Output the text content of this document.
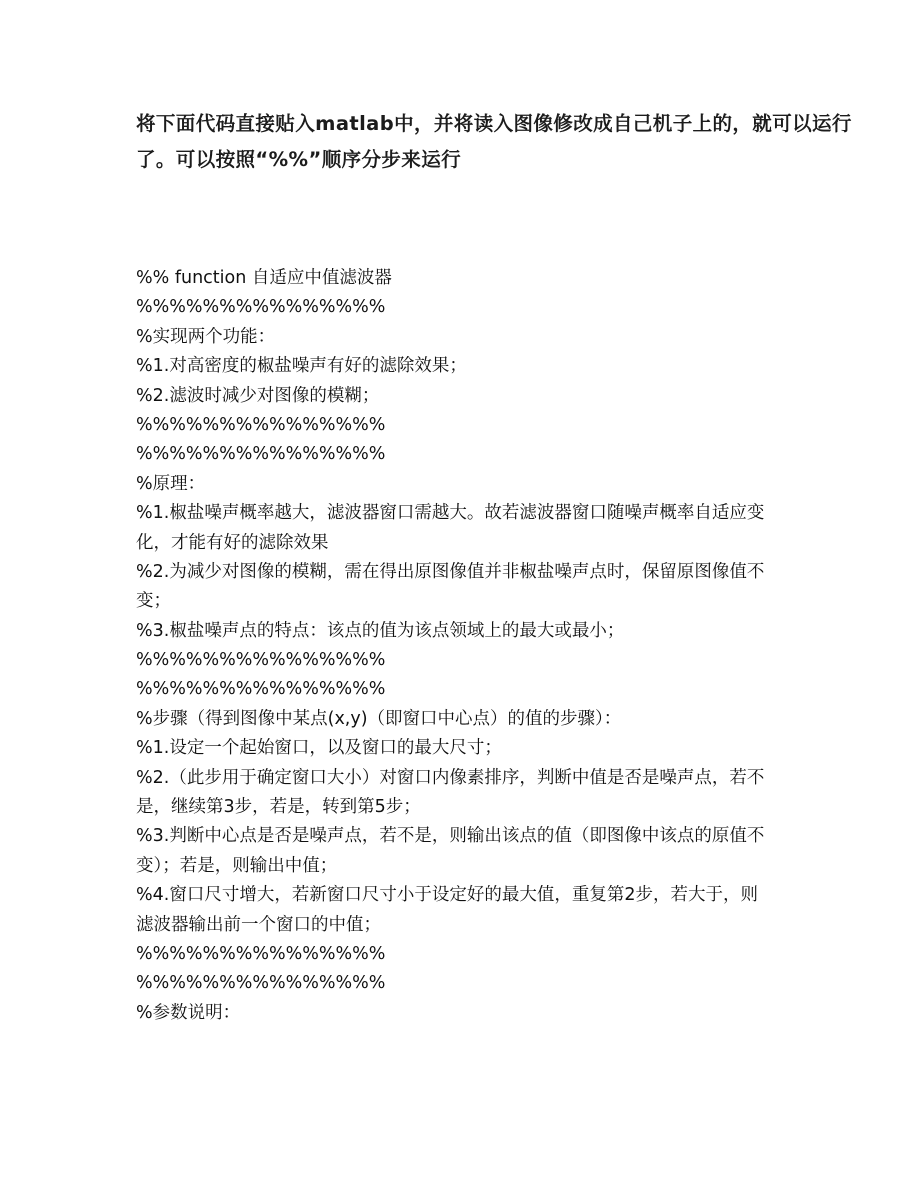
将下面代码直接贴入matlab中，并将读入图像修改成自己机子上的，就可以运行
了。可以按照“%%”顺序分步来运行
%% function 自适应中值滤波器
%%%%%%%%%%%%%%%
%实现两个功能：
%1.对高密度的椒盐噪声有好的滤除效果；
%2.滤波时减少对图像的模糊；
%%%%%%%%%%%%%%%
%%%%%%%%%%%%%%%
%原理：
%1.椒盐噪声概率越大，滤波器窗口需越大。故若滤波器窗口随噪声概率自适应变
化，才能有好的滤除效果
%2.为减少对图像的模糊，需在得出原图像值并非椒盐噪声点时，保留原图像值不
变；
%3.椒盐噪声点的特点：该点的值为该点领域上的最大或最小；
%%%%%%%%%%%%%%%
%%%%%%%%%%%%%%%
%步骤（得到图像中某点(x,y)（即窗口中心点）的值的步骤）：
%1.设定一个起始窗口，以及窗口的最大尺寸；
%2.（此步用于确定窗口大小）对窗口内像素排序，判断中值是否是噪声点，若不
是，继续第3步，若是，转到第5步；
%3.判断中心点是否是噪声点，若不是，则输出该点的值（即图像中该点的原值不
变）；若是，则输出中值；
%4.窗口尺寸增大，若新窗口尺寸小于设定好的最大值，重复第2步，若大于，则
滤波器输出前一个窗口的中值；
%%%%%%%%%%%%%%%
%%%%%%%%%%%%%%%
%参数说明：
